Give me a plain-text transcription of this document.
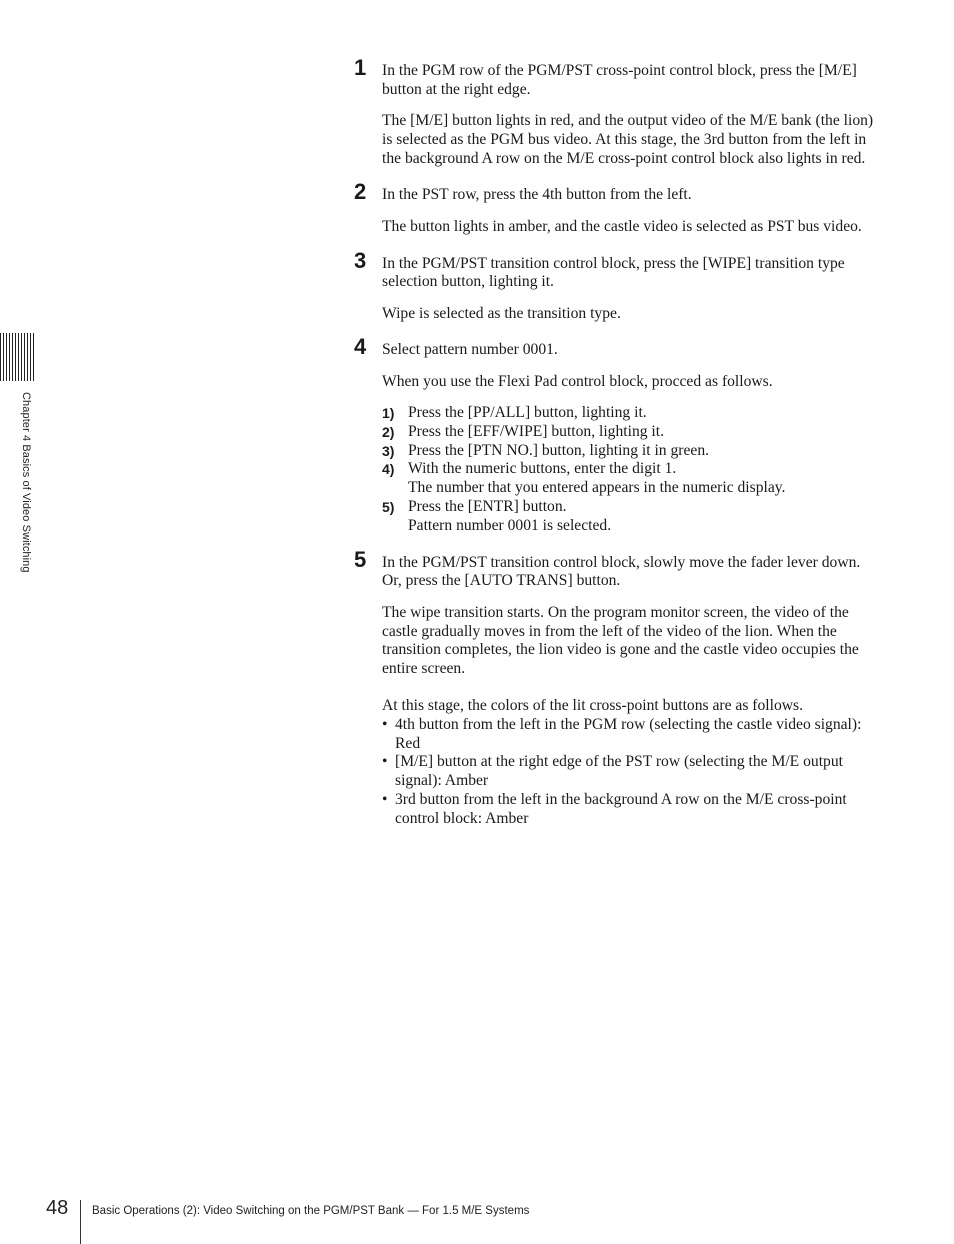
Chapter 4 Basics of Video Switching
1 In the PGM row of the PGM/PST cross-point control block, press the [M/E] button at the right edge.

The [M/E] button lights in red, and the output video of the M/E bank (the lion) is selected as the PGM bus video. At this stage, the 3rd button from the left in the background A row on the M/E cross-point control block also lights in red.

2 In the PST row, press the 4th button from the left.

The button lights in amber, and the castle video is selected as PST bus video.

3 In the PGM/PST transition control block, press the [WIPE] transition type selection button, lighting it.

Wipe is selected as the transition type.

4 Select pattern number 0001.

When you use the Flexi Pad control block, procced as follows.

1) Press the [PP/ALL] button, lighting it.
2) Press the [EFF/WIPE] button, lighting it.
3) Press the [PTN NO.] button, lighting it in green.
4) With the numeric buttons, enter the digit 1.
The number that you entered appears in the numeric display.
5) Press the [ENTR] button.
Pattern number 0001 is selected.
5 In the PGM/PST transition control block, slowly move the fader lever down. Or, press the [AUTO TRANS] button.

The wipe transition starts. On the program monitor screen, the video of the castle gradually moves in from the left of the video of the lion. When the transition completes, the lion video is gone and the castle video occupies the entire screen.

At this stage, the colors of the lit cross-point buttons are as follows.

• 4th button from the left in the PGM row (selecting the castle video signal): Red
• [M/E] button at the right edge of the PST row (selecting the M/E output signal): Amber
• 3rd button from the left in the background A row on the M/E cross-point control block: Amber
48 Basic Operations (2): Video Switching on the PGM/PST Bank — For 1.5 M/E Systems
